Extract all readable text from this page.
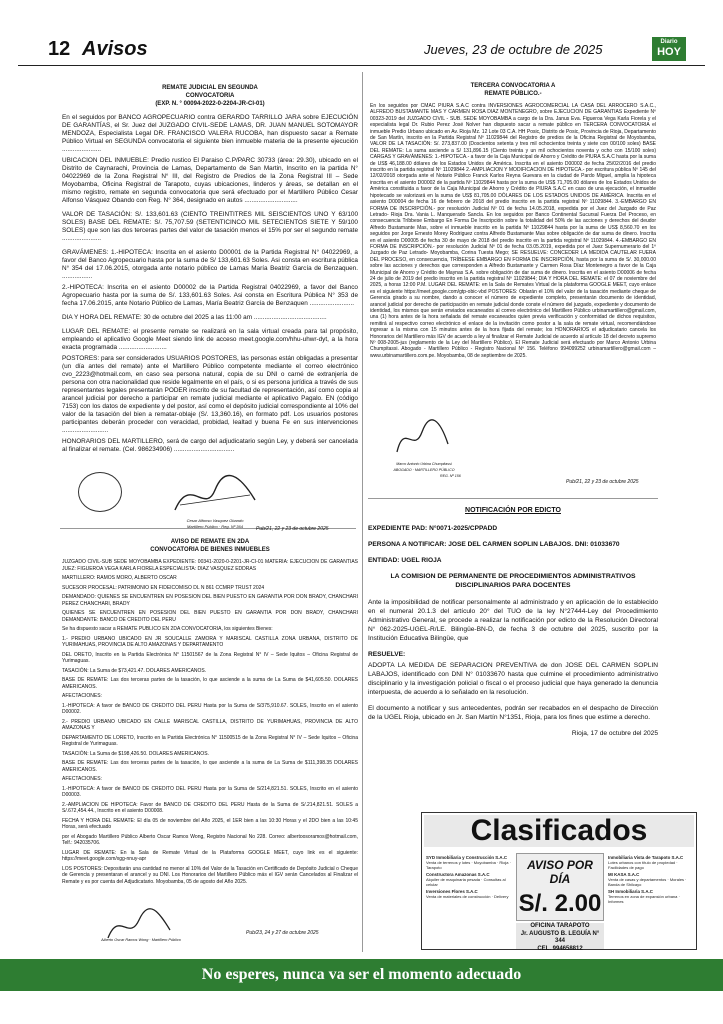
12 Avisos	Jueves, 23 de octubre de 2025	Diario
HOY
REMATE JUDICIAL EN SEGUNDA
CONVOCATORIA
(EXP. N. ° 00094-2022-0-2204-JR-CI-01)

En el seguidos por BANCO AGROPECUARIO contra GERARDO TARRILLO JARA sobre EJECUCIÓN DE GARANTÍAS, el Sr. Juez del JUZGADO CIVIL-SEDE LAMAS, DR. JUAN MANUEL SOTOMAYOR MENDOZA, Especialista Legal DR. FRANCISCO VALERA RUCOBA, han dispuesto sacar a Remate Público Virtual en SEGUNDA convocatoria el siguiente bien inmueble materia de la presente ejecución ......................

UBICACION DEL INMUEBLE: Predio rustico El Paraiso C.P/PARC 30733 (área: 29.30), ubicado en el Distrito de Caynarachi, Provincia de Lamas, Departamento de San Martin, Inscrito en la partida N° 04022969 de la Zona Registral N° III, del Registro de Predios de la Zona Registral III – Sede Moyobamba, Oficina Registral de Tarapoto, cuyas ubicaciones, linderos y áreas, se detallan en el mismo registro, remate en segunda convocatoria que será efectuado por el Martillero Público Cesar Alfonso Vásquez Obando con Reg. N° 364, designado en autos ..............................

VALOR DE TASACIÓN: S/. 133,601.63 (CIENTO TREINTITRES MIL SEISCIENTOS UNO Y 63/100 SOLES) BASE DEL REMATE: S/. 75,707.59 (SETENTICINCO MIL SETECIENTOS SIETE Y 59/100 SOLES) que son las dos terceras partes del valor de tasación menos el 15% por ser el segundo remate ......................

GRAVÁMENES: 1.-HIPOTECA: Inscrita en el asiento D00001 de la Partida Registral N° 04022969, a favor del Banco Agropecuario hasta por la suma de S/ 133,601.63 Soles. Asi consta en escritura pública N° 354 del 17.06.2015, otorgada ante notario público de Lamas María Beatriz García de Benzaquen. .................

2.-HIPOTECA: Inscrita en el asiento D00002 de la Partida Registral 04022969, a favor del Banco Agropecuario hasta por la suma de S/. 133,601.63 Soles. Asi consta en Escritura Pública N° 353 de fecha 17.06.2015, ante Notario Público de Lamas, María Beatriz García de Benzaquen .........................

DIA Y HORA DEL REMATE: 30 de octubre del 2025 a las 11:00 am .........................................

LUGAR DEL REMATE: el presente remate se realizará en la sala virtual creada para tal propósito, empleando el aplicativo Google Meet siendo link de acceso meet.google.com/hhu-uhwr-dyt, a la hora exacta programada ...........................

POSTORES: para ser considerados USUARIOS POSTORES, las personas están obligadas a presentar (un día antes del remate) ante el Martillero Público competente mediante el correo electrónico cvo_2223@hotmail.com, en caso sea persona natural, copia de su DNI o carné de extranjería de persona con otra nacionalidad que reside legalmente en el país, o si es persona jurídica a través de sus representantes legales presentarán PODER inscrito de su facultad de representación, así como copia al arancel judicial por derecho a participar en remate judicial mediante el aplicativo Pagalo. EN (código 7153) con los datos de expediente y del postor, así como el depósito judicial correspondiente al 10% del valor de la tasación del bien a rematar-oblaje (S/. 13,360.16), en formato pdf. Los usuarios postores participantes deberán proceder con veracidad, probidad, lealtad y buena Fe en sus intervenciones ..........................

HONORARIOS DEL MARTILLERO, será de cargo del adjudicatario según Ley, y deberá ser cancelada al finalizar el remate. (Cel. 986234906) ..................................

Cesar Alfonso Vasquez Obando
Martillero Público · Reg. Nº 364	Pub/21, 22 y 23 de octubre 2025
AVISO DE REMATE EN 2DA
CONVOCATORIA DE BIENES INMUEBLES

JUZGADO CIVIL-SUB SEDE MOYOBAMBA EXPEDIENTE: 00341-2020-0-2201-JR-CI-01 MATERIA: EJECUCION DE GARANTIAS JUEZ: FIGUEROA VEGA KARLA FIORELA ESPECIALISTA: DIAZ VASQUEZ EDDRAS

MARTILLERO: RAMOS MORO, ALBERTO OSCAR

SUCESOR PROCESAL: PATRIMONIO EN FIDEICOMISO DL N 861 CCMRP TRUST 2024

DEMANDADO: QUIENES SE ENCUENTREN EN POSESION DEL BIEN PUESTO EN GARANTIA POR DON BRADY, CHANCHARI PEREZ CHANCHARI, BRADY

QUIENES SE ENCUENTREN EN POSESION DEL BIEN PUESTO EN GARANTIA POR DON BRADY, CHANCHARI DEMANDANTE: BANCO DE CREDITO DEL PERU

Se ha dispuesto sacar a REMATE PUBLICO EN 2DA CONVOCATORIA, los siguientes Bienes:

1.- PREDIO URBANO UBICADO EN JR SOUCALLE ZAMORA Y MARISCAL CASTILLA ZONA URBANA, DISTRITO DE YURIMAHUAS, PROVINCIA DE ALTO AMAZONAS Y DEPARTAMENTO

DEL ORETO, Inscrito en la Partida Electrónica N° 11501567 de la Zona Registral N° IV – Sede Iquitos – Oficina Registral de Yurimaguas.

TASACIÓN: La Suma de $73,421.47. DOLARES AMERICANOS.

BASE DE REMATE: Las dos terceras partes de la tasación, lo que asciende a la suma de La Suma de $41,605.50. DOLARES AMERICANOS.

AFECTACIONES:

1.-HIPOTECA: A favor de BANCO DE CREDITO DEL PERU Hasta por la Suma de S/375,910.67. SOLES, Inscrito en el asiento D00002.

2.- PREDIO URBANO UBICADO EN CALLE MARISCAL CASTILLA, DISTRITO DE YURIMAHUAS, PROVINCIA DE ALTO AMAZONAS Y

DEPARTAMENTO DE LORETO, Inscrito en la Partida Electrónica N° 11500515 de la Zona Registral N° IV – Sede Iquitos – Oficina Registral de Yurimaguas.

TASACIÓN: La Suma de $198,426.50. DOLARES AMERICANOS.

BASE DE REMATE: Las dos terceras partes de la tasación, lo que asciende a la suma de La Suma de $111,398.35 DOLARES AMERICANOS.

AFECTACIONES:

1.-HIPOTECA: A favor de BANCO DE CREDITO DEL PERU Hasta por la Suma de S/214,821.51. SOLES, Inscrito en el asiento D00003.

2.-AMPLIACION DE HIPOTECA: Favor de BANCO DE CREDITO DEL PERU Hasta de la Suma de S/.214,821.51. SOLES a S/.672,454.44., Inscrito en el asiento D00008.

FECHA Y HORA DEL REMATE: El día 05 de noviembre del Año 2025, el 1ER bien a las 10:30 Horas y el 2DO bien a las 10:45 Horas, será efectuado

por el Abogado Martillero Público Alberto Oscar Ramos Wong, Registro Nacional No 228. Correo: albertoosoramos@hotmail.com, Telf.: 942035706.

LUGAR DE REMATE: En la Sala de Remate Virtual de la Plataforma GOOGLE MEET, cuyo link es el siguiente: https://meet.google.com/xgg-nnuy-apr

LOS POSTORES: Depositarán una cantidad no menor al 10% del Valor de la Tasación en Certificado de Depósito Judicial o Cheque de Gerencia y presentaran el arancel y su DNI. Los Honorarios del Martillero Público más el IGV serán Cancelados al Finalizar el Remate y es por cuenta del Adjudicatario. Moyobamba, 05 de agosto del Año 2025.

Alberto Oscar Ramos Wong · Martillero Público
Pub/23, 24 y 27 de octubre 2025
TERCERA CONVOCATORIA A
REMATE PÚBLICO.-

En los seguidos por CMAC PIURA S.A.C contra INVERSIONES AGROCOMERCIAL LA CASA DEL ARROCERO S.A.C., ALFREDO BUSTAMANTE MAS Y CARMEN ROSA DIAZ MONTENEGRO, sobre EJECUCION DE GARANTIAS Expediente Nº 00323-2019 del JUZGADO CIVIL - SUB. SEDE MOYOBAMBA a cargo de la Dra. Janus Eva. Figueroa Vega Karla Fiorela y el especialista legal Dr. Rubio Perez José Nolver han dispuesto sacar a remate público en TERCERA CONVOCATORIA el inmueble Predio Urbano ubicado en Av. Rioja Mz. 12 Lote 03 C.A. HH Posic, Distrito de Posic, Provincia de Rioja, Departamento de San Martín, inscrito en la Partida Registral Nº 11029844 del Registro de predios de la Oficina Registral de Moyobamba, VALOR DE LA TASACIÓN: S/. 273,837.00 (Doscientos setenta y tres mil ochocientos treinta y siete con 00/100 soles) BASE DEL REMATE: La suma asciende a S/ 131,896.15 (Ciento treinta y un mil ochocientos noventa y ocho con 15/100 soles) CARGAS Y GRAVÁMENES: 1.-HIPOTECA.- a favor de la Caja Municipal de Ahorro y Crédito de PIURA S.A.C hasta por la suma de US$ 46,188.00 dólares de los Estados Unidos de América. Inscrita en el asiento D00002 de fecha 25/02/2016 del predio inscrito en la partida registral Nº 11029844 2.-AMPLIACION Y MODIFICACION DE HIPOTECA.- por escritura pública Nº 145 del 12/02/2018 otorgada ante el Notario Público Franck Karlos Reyna Guevara en la ciudad de Pardo Miguel, amplia la hipoteca inscrita en el asiento D00002 de la partida Nº 11029844 hasta por la suma de US$ 71,705.00 dólares de los Estados Unidos de América constituida a favor de la Caja Municipal de Ahorro y Crédito de PIURA S.A.C en caso de una ejecución, el inmueble hipotecado se valorizará en la suma de US$ 81,705.00 DÓLARES DE LOS ESTADOS UNIDOS DE AMÉRICA. Inscrita en el asiento D00004 de fecha 16 de febrero de 2018 del predio inscrito en la partida registral Nº 11029844. 3.-EMBARGO EN FORMA DE INSCRIPCIÓN.- por resolución Judicial Nº 01 de fecha 14.05.2018, expedida por el Juez del Juzgado de Paz Letrado- Rioja Dra. Vania L. Manquerado Sancla. En los seguidos por Banco Continental Sucursal Fuerza Del Proceso, en consecuencia Tríbbese Embargo En Forma De Inscripción sobre la totalidad del 50% de las acciones y derechos del deudor Alfredo Bustamante Mas, sobre el inmueble inscrito en la partida Nº 11029844 hasta por la suma de US$ 8,560.70 en los seguidos por Jorge Ernesto Morey Rodriguez contra Alfredo Bustamante Mas sobre obligación de dar suma de dinero. Inscrita en el asiento D00005 de fecha 30 de mayo de 2018 del predio inscrito en la partida registral Nº 11029844. 4.-EMBARGO EN FORMA DE INSCRIPCIÓN.- por resolución Judicial Nº 01 de fecha 03.05.2019, expedida por el Juez Supernumerario del 1º Juzgado de Paz Letrado- Moyobamba, Corina Tuesta Mego; SE RESUELVE: CONCEDER LA MEDIDA CAUTELAR FUERA DEL PROCESO, en consecuencia, TRÍBEESE EMBARGO EN FORMA DE INSCRIPCIÓN, hasta por la suma de S/. 30,000.00 sobre las acciones y derechos que corresponden a Alfredo Bustamante y Carmen Rosa Díaz Montenegro a favor de la Caja Municipal de Ahorro y Crédito de Maynas S.A. sobre obligación de dar suma de dinero. Inscrita en el asiento D00006 de fecha 24 de julio de 2019 del predio inscrito en la partida registral Nº 11029844; DIA Y HORA DEL REMATE: el 07 de noviembre del 2025, a horas 12:00 P.M. LUGAR DEL REMATE: en la Sala de Remates Virtual de la plataforma GOOGLE MEET, cuyo enlace es el siguiente https://meet.google.com/gtp-obic-vbd POSTORES: Oblarán el 10% del valor de la tasación mediante cheque de Gerencia girado a su nombre, dando a conocer el número de expediente completo, presentarán documento de identidad, arancel judicial por derecho de participación en remate judicial donde conste el número del juzgado, expediente y documento de identidad, los mismos que serán enviados escaneados al correo electrónico del Martillero Público urbinamartillero@gmail.com, una (1) hora antes de la hora señalada del remate escaneados quien previa verificación y conformidad de dichos requisitos, remitirá al respectivo correo electrónico el enlace de la invitación como postor a la sala de remate virtual, recomendándose ingresar a la misma con 15 minutos antes de la hora fijada del remate; los HONORARIOS el adjudicatario cancela los Honorarios del Martillero más IGV de acuerdo a ley al finalizar el Remate Judicial de acuerdo al artículo 18 del decreto supremo Nº 008-2005-jus (reglamento de la Ley del Martillero Público). El Remate Judicial será efectuado por Marco Antonio Urbina Chumpitassi. Abogado - Martillero Público - Registro Nacional Nº 156. Teléfono 994099252 urbinamartillero@gmail.com – www.urbinamartillero.com.pe. Moyobamba, 08 de septiembre de 2025.

Marco Antonio Urbina Chumpitassi
ABOGADO · MARTILLERO PÚBLICO
REG. Nº 156
Pub/21, 22 y 23 de octubre 2025
NOTIFICACIÓN POR EDICTO
EXPEDIENTE PAD: N°0071-2025/CPPADD
PERSONA A NOTIFICAR: JOSE DEL CARMEN SOPLIN LABAJOS. DNI: 01033670
ENTIDAD: UGEL RIOJA
LA COMISION DE PERMANENTE DE PROCEDIMIENTOS ADMINISTRATIVOS DISCIPLINARIOS PARA DOCENTES
Ante la imposibilidad de notificar personalmente al administrado y en aplicación de lo establecido en el numeral 20.1.3 del artículo 20° del TUO de la ley N°27444-Ley del Procedimiento Administrativo General, se procede a realizar la notificación por edicto de la Resolución Directoral N° 062-2025-UGEL-R/LE. Bilingüe-BN-D, de fecha 3 de octubre del 2025, suscrito por la Institución Educativa Bilingüe, que
RESUELVE:
ADOPTA LA MEDIDA DE SEPARACION PREVENTIVA de don JOSE DEL CARMEN SOPLIN LABAJOS, identificado con DNI N° 01033670 hasta que culmine el procedimiento administrativo disciplinario y la investigación policial o fiscal o el proceso judicial que haya generado la denuncia interpuesta, de acuerdo a lo señalado en la resolución.
El documento a notificar y sus antecedentes, podrán ser recabados en el despacho de Dirección de la UGEL Rioja, ubicado en Jr. San Martín N°1351, Rioja, para los fines que estime a derecho.
Rioja, 17 de octubre del 2025
Clasificados
SYD Inmobiliaria y Construcción S.A.C
Venta de terrenos y lotes · Moyobamba · Rioja · Tarapoto
Constructora Amazonas S.A.C
Alquiler de maquinaria pesada · Consultas al celular
Inversiones Flores S.A.C
Venta de materiales de construcción · Delivery
AVISO POR DÍA
S/. 2.00
OFICINA TARAPOTO
Jr. AUGUSTO B. LEGUÍA N° 344
CEL. 994658812
Inmobiliaria Vista de Tarapoto S.A.C
Lotes urbanos con título de propiedad · Facilidades de pago
MI KASA S.A.C
Venta de casas y departamentos · Morales · Banda de Shilcayo
SH Inmobiliaria S.A.C
Terrenos en zona de expansión urbana · Informes
No esperes, nunca va ser el momento adecuado
